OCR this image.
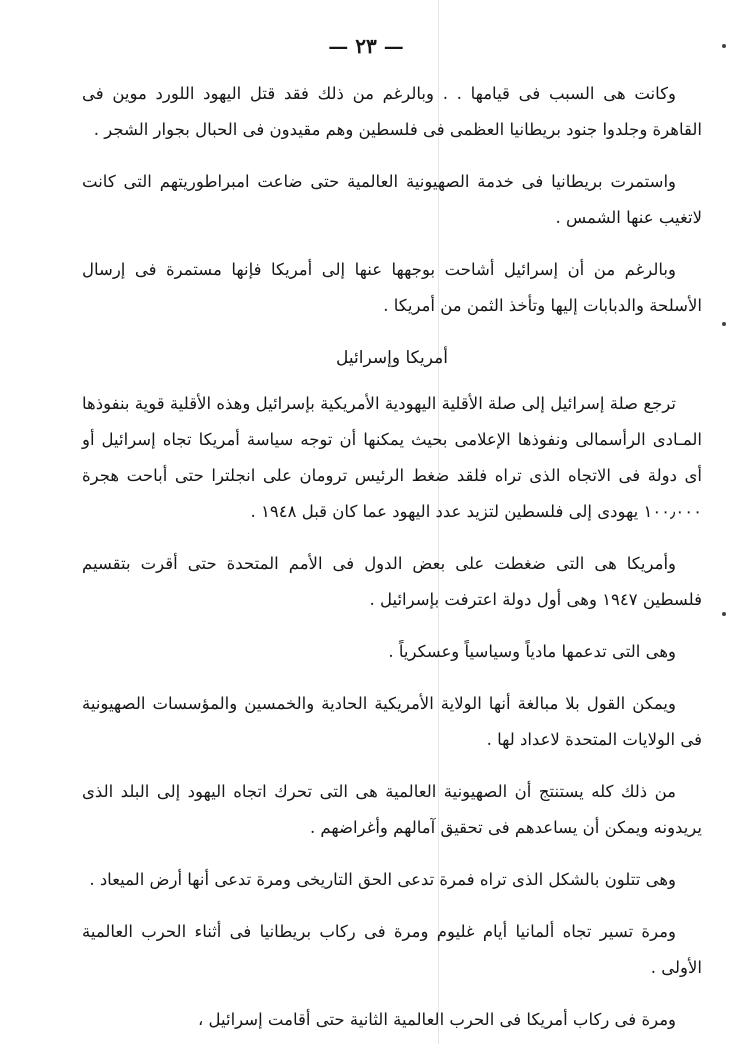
— ٢٣ —

وكانت هى السبب فى قيامها . . وبالرغم من ذلك فقد قتل اليهود اللورد موين فى القاهرة وجلدوا جنود بريطانيا العظمى فى فلسطين وهم مقيدون فى الحبال بجوار الشجر .

واستمرت بريطانيا فى خدمة الصهيونية العالمية حتى ضاعت امبراطوريتهم التى كانت لاتغيب عنها الشمس .

وبالرغم من أن إسرائيل أشاحت بوجهها عنها إلى أمريكا فإنها مستمرة فى إرسال الأسلحة والدبابات إليها وتأخذ الثمن من أمريكا .

أمريكا وإسرائيل

ترجع صلة إسرائيل إلى صلة الأقلية اليهودية الأمريكية بإسرائيل وهذه الأقلية قوية بنفوذها المـادى الرأسمالى ونفوذها الإعلامى بحيث يمكنها أن توجه سياسة أمريكا تجاه إسرائيل أو أى دولة فى الاتجاه الذى تراه فلقد ضغط الرئيس ترومان على انجلترا حتى أباحت هجرة ١٠٠٫٠٠٠ يهودى إلى فلسطين لتزيد عدد اليهود عما كان قبل ١٩٤٨ .

وأمريكا هى التى ضغطت على بعض الدول فى الأمم المتحدة حتى أقرت بتقسيم فلسطين ١٩٤٧ وهى أول دولة اعترفت بإسرائيل .

وهى التى تدعمها مادياً وسياسياً وعسكرياً .

ويمكن القول بلا مبالغة أنها الولاية الأمريكية الحادية والخمسين والمؤسسات الصهيونية فى الولايات المتحدة لاعداد لها .

من ذلك كله يستنتج أن الصهيونية العالمية هى التى تحرك اتجاه اليهود إلى البلد الذى يريدونه ويمكن أن يساعدهم فى تحقيق آمالهم وأغراضهم .

وهى تتلون بالشكل الذى تراه فمرة تدعى الحق التاريخى ومرة تدعى أنها أرض الميعاد .

ومرة تسير تجاه ألمانيا أيام غليوم ومرة فى ركاب بريطانيا فى أثناء الحرب العالمية الأولى .

ومرة فى ركاب أمريكا فى الحرب العالمية الثانية حتى أقامت إسرائيل ،
